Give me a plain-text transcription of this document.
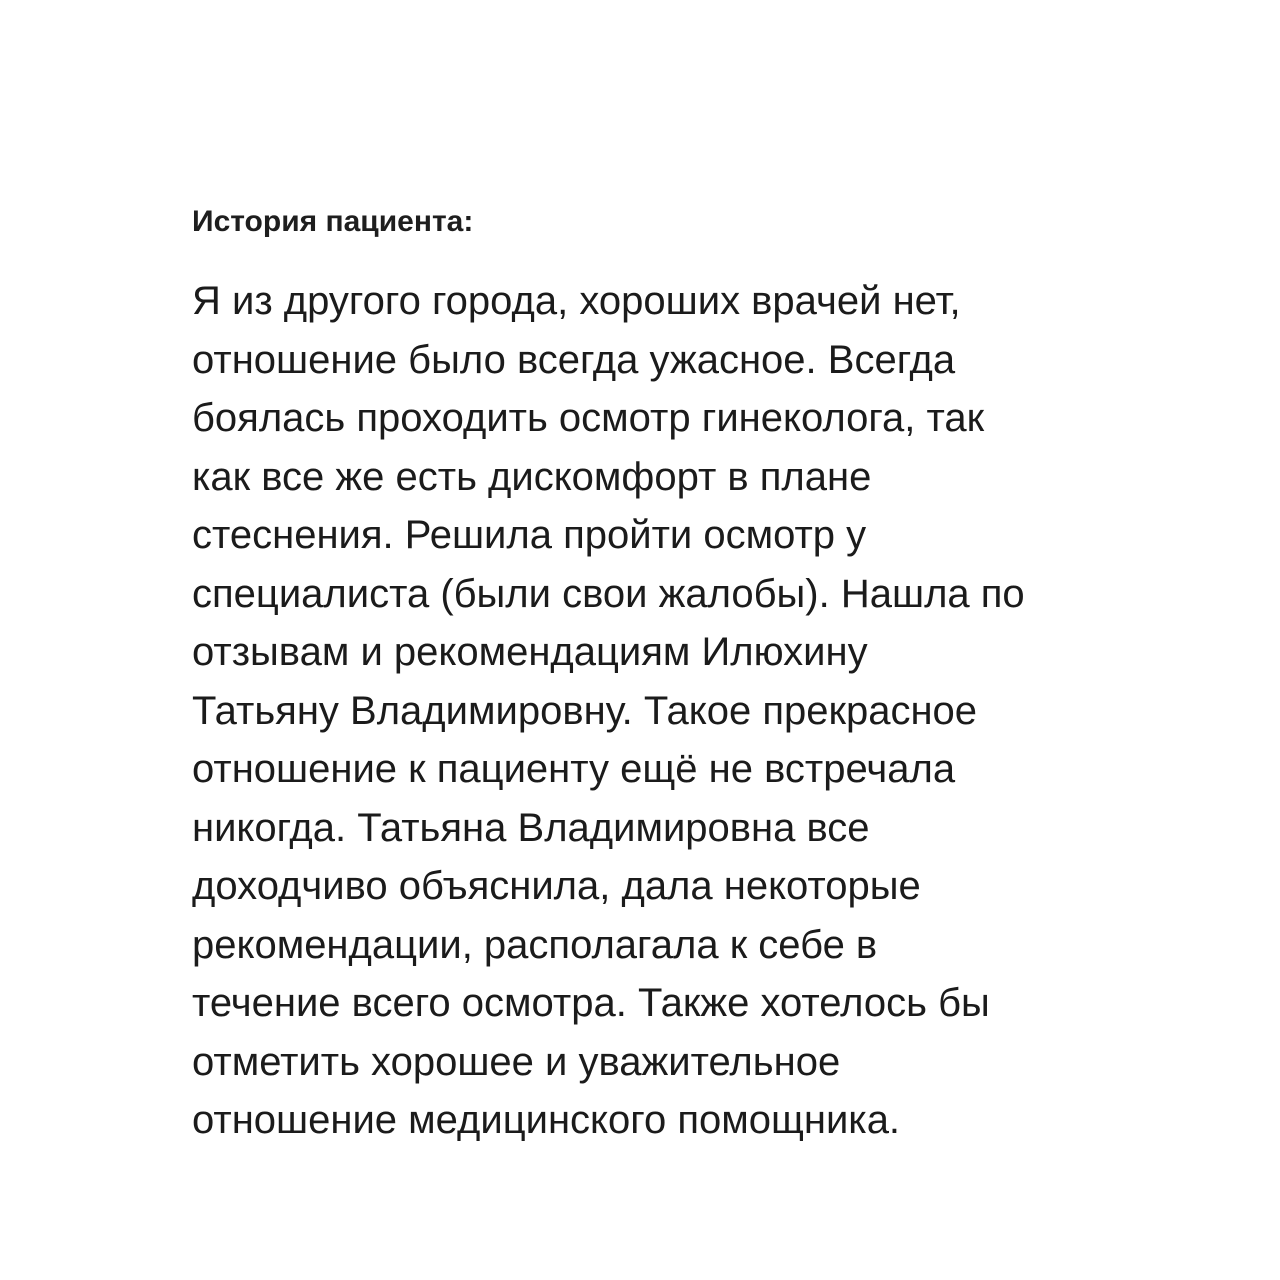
История пациента:
Я из другого города, хороших врачей нет,
отношение было всегда ужасное. Всегда
боялась проходить осмотр гинеколога, так
как все же есть дискомфорт в плане
стеснения. Решила пройти осмотр у
специалиста (были свои жалобы). Нашла по
отзывам и рекомендациям Илюхину
Татьяну Владимировну. Такое прекрасное
отношение к пациенту ещё не встречала
никогда. Татьяна Владимировна все
доходчиво объяснила, дала некоторые
рекомендации, располагала к себе в
течение всего осмотра. Также хотелось бы
отметить хорошее и уважительное
отношение медицинского помощника.
